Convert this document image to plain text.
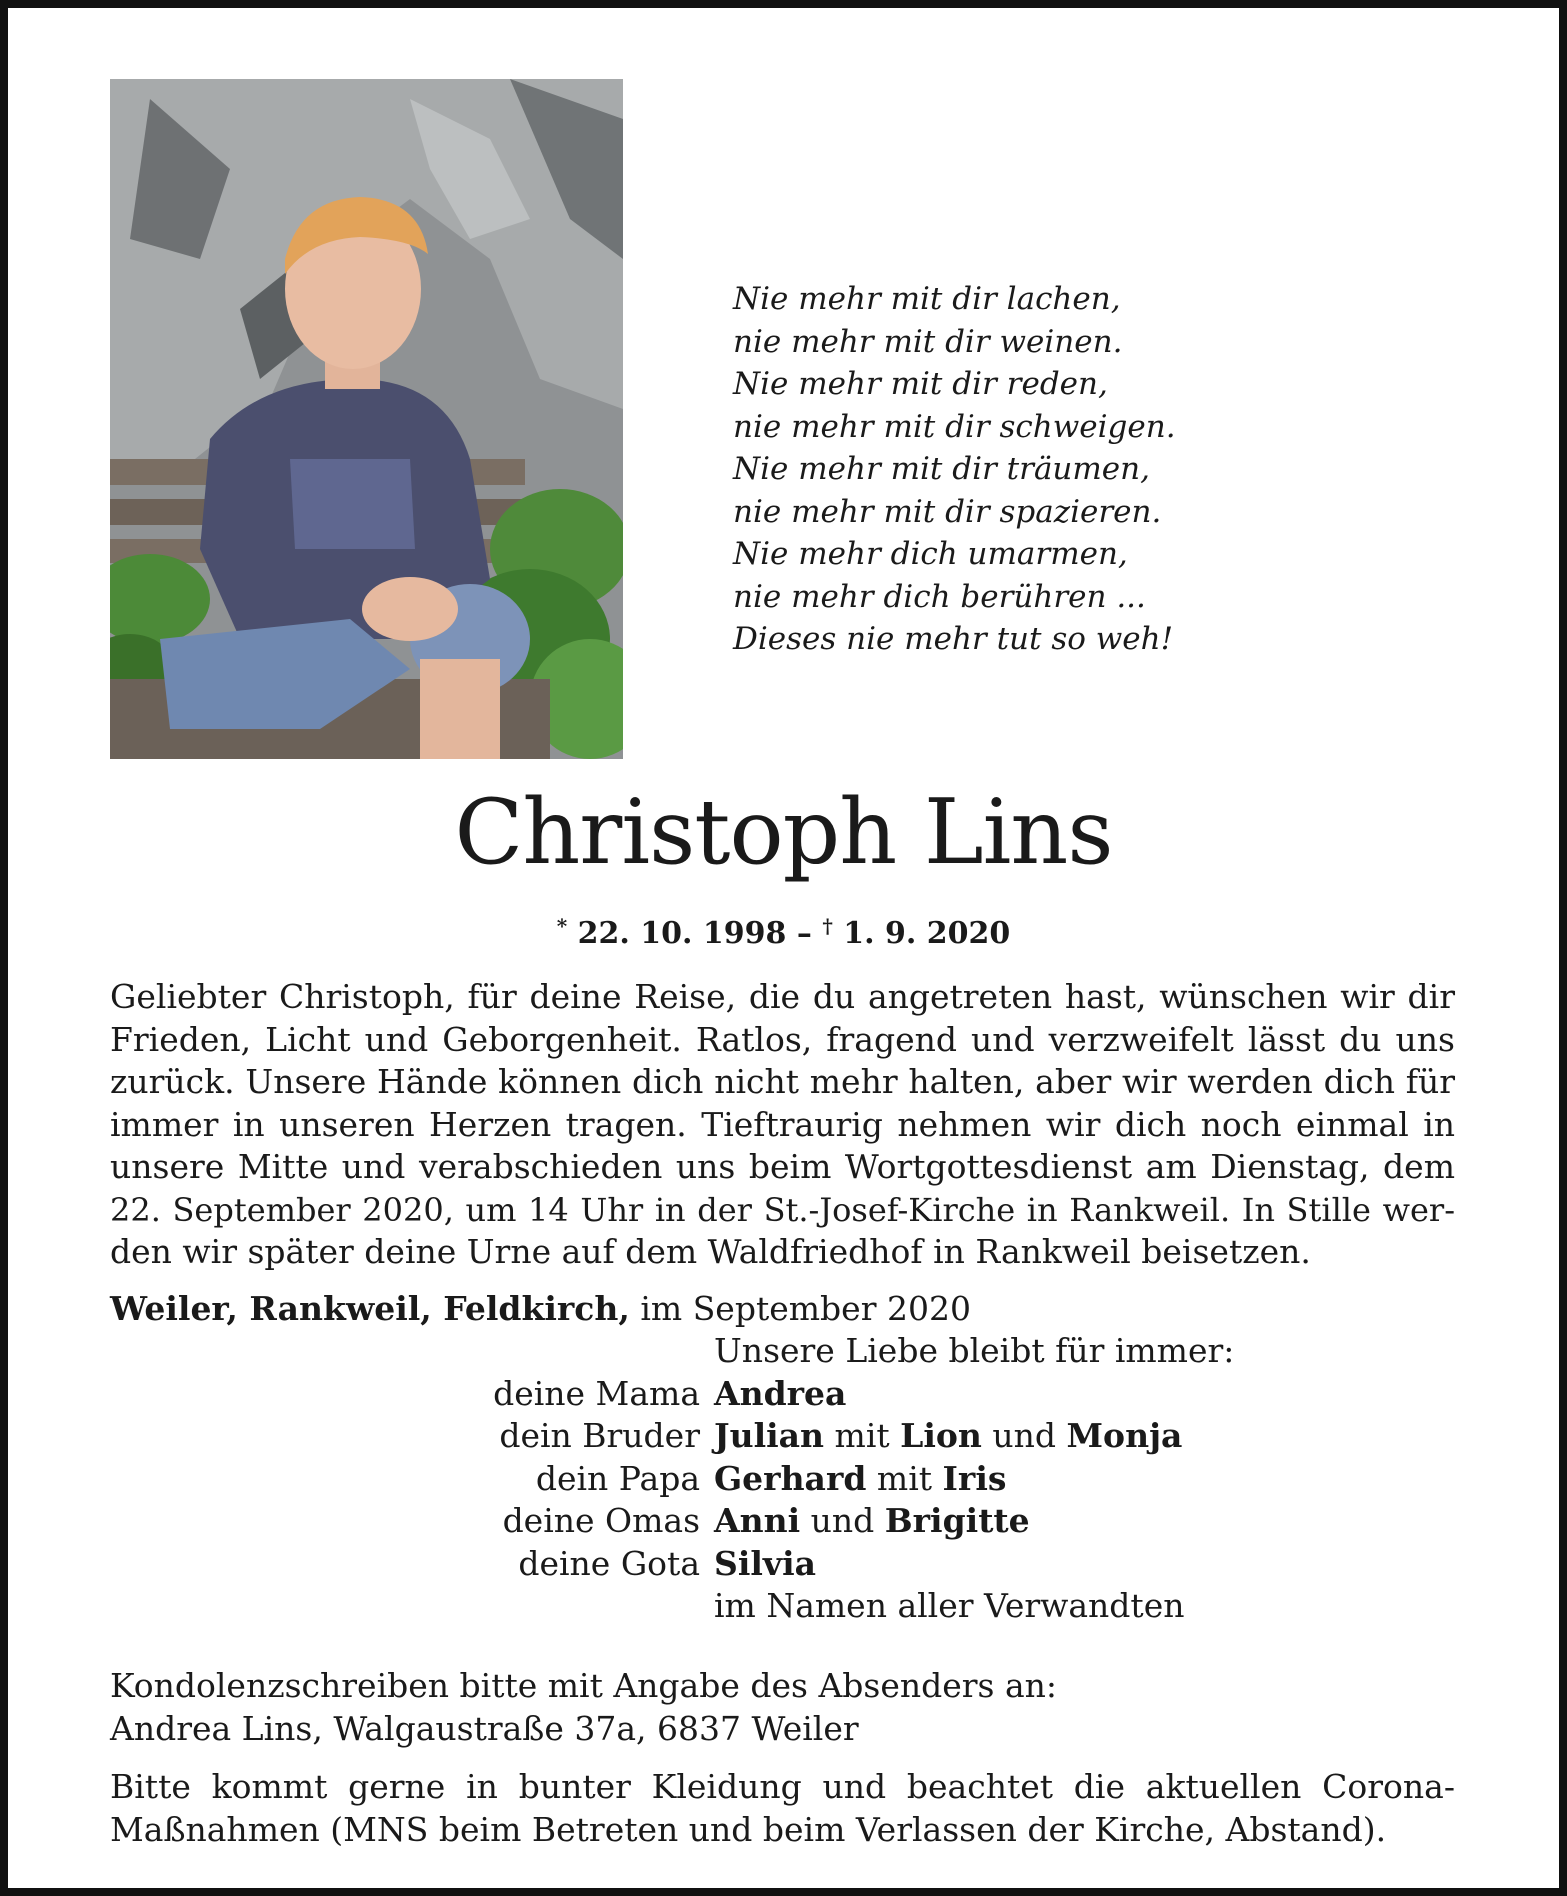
Nie mehr mit dir lachen,
nie mehr mit dir weinen.
Nie mehr mit dir reden,
nie mehr mit dir schweigen.
Nie mehr mit dir träumen,
nie mehr mit dir spazieren.
Nie mehr dich umarmen,
nie mehr dich berühren ...
Dieses nie mehr tut so weh!
Christoph Lins
* 22. 10. 1998 – † 1. 9. 2020
Geliebter Christoph, für deine Reise, die du angetreten hast, wünschen wir dir
Frieden, Licht und Geborgenheit. Ratlos, fragend und verzweifelt lässt du uns
zurück. Unsere Hände können dich nicht mehr halten, aber wir werden dich für
immer in unseren Herzen tragen. Tieftraurig nehmen wir dich noch einmal in
unsere Mitte und verabschieden uns beim Wortgottesdienst am Dienstag, dem
22. September 2020, um 14 Uhr in der St.-Josef-Kirche in Rankweil. In Stille wer-
den wir später deine Urne auf dem Waldfriedhof in Rankweil beisetzen.
Weiler, Rankweil, Feldkirch, im September 2020
Unsere Liebe bleibt für immer:
deine Mama Andrea
dein Bruder Julian mit Lion und Monja
dein Papa Gerhard mit Iris
deine Omas Anni und Brigitte
deine Gota Silvia
im Namen aller Verwandten
Kondolenzschreiben bitte mit Angabe des Absenders an:
Andrea Lins, Walgaustraße 37a, 6837 Weiler
Bitte kommt gerne in bunter Kleidung und beachtet die aktuellen Corona-
Maßnahmen (MNS beim Betreten und beim Verlassen der Kirche, Abstand).
